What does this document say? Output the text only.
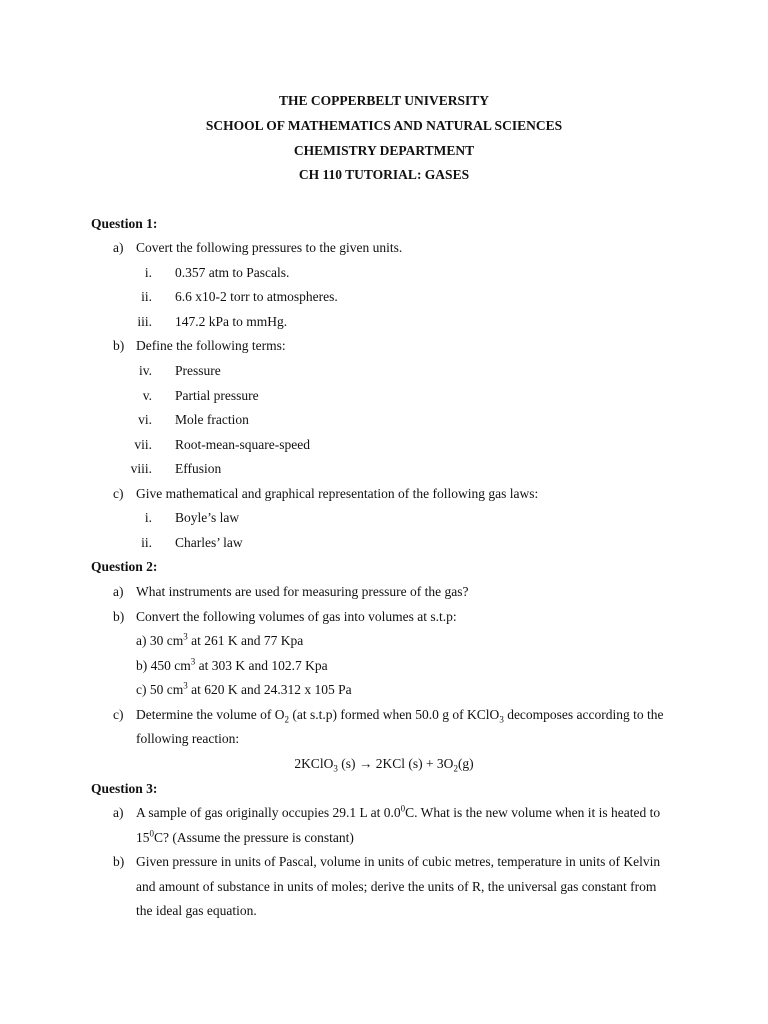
THE COPPERBELT UNIVERSITY
SCHOOL OF MATHEMATICS AND NATURAL SCIENCES
CHEMISTRY DEPARTMENT
CH 110 TUTORIAL: GASES
Question 1:
a) Covert the following pressures to the given units.
i. 0.357 atm to Pascals.
ii. 6.6 x10-2 torr to atmospheres.
iii. 147.2 kPa to mmHg.
b) Define the following terms:
iv. Pressure
v. Partial pressure
vi. Mole fraction
vii. Root-mean-square-speed
viii. Effusion
c) Give mathematical and graphical representation of the following gas laws:
i. Boyle’s law
ii. Charles’ law
Question 2:
a) What instruments are used for measuring pressure of the gas?
b) Convert the following volumes of gas into volumes at s.t.p:
a) 30 $cm^3$ at 261 K and 77 Kpa
b) 450 $cm^3$ at 303 K and 102.7 Kpa
c) 50 $cm^3$ at 620 K and 24.312 x 105 Pa
c) Determine the volume of $O_2$ (at s.t.p) formed when 50.0 g of KClO$_3$ decomposes according to the
following reaction:
2KClO$_3$ (s) → 2KCl $(s) + 3O_2(g)$
Question 3:
a) A sample of gas originally occupies 29.1 L at $0.0^0C$. What is the new volume when it is heated to
$15^0C$? (Assume the pressure is constant)
b) Given pressure in units of Pascal, volume in units of cubic metres, temperature in units of Kelvin
and amount of substance in units of moles; derive the units of R, the universal gas constant from
the ideal gas equation.
